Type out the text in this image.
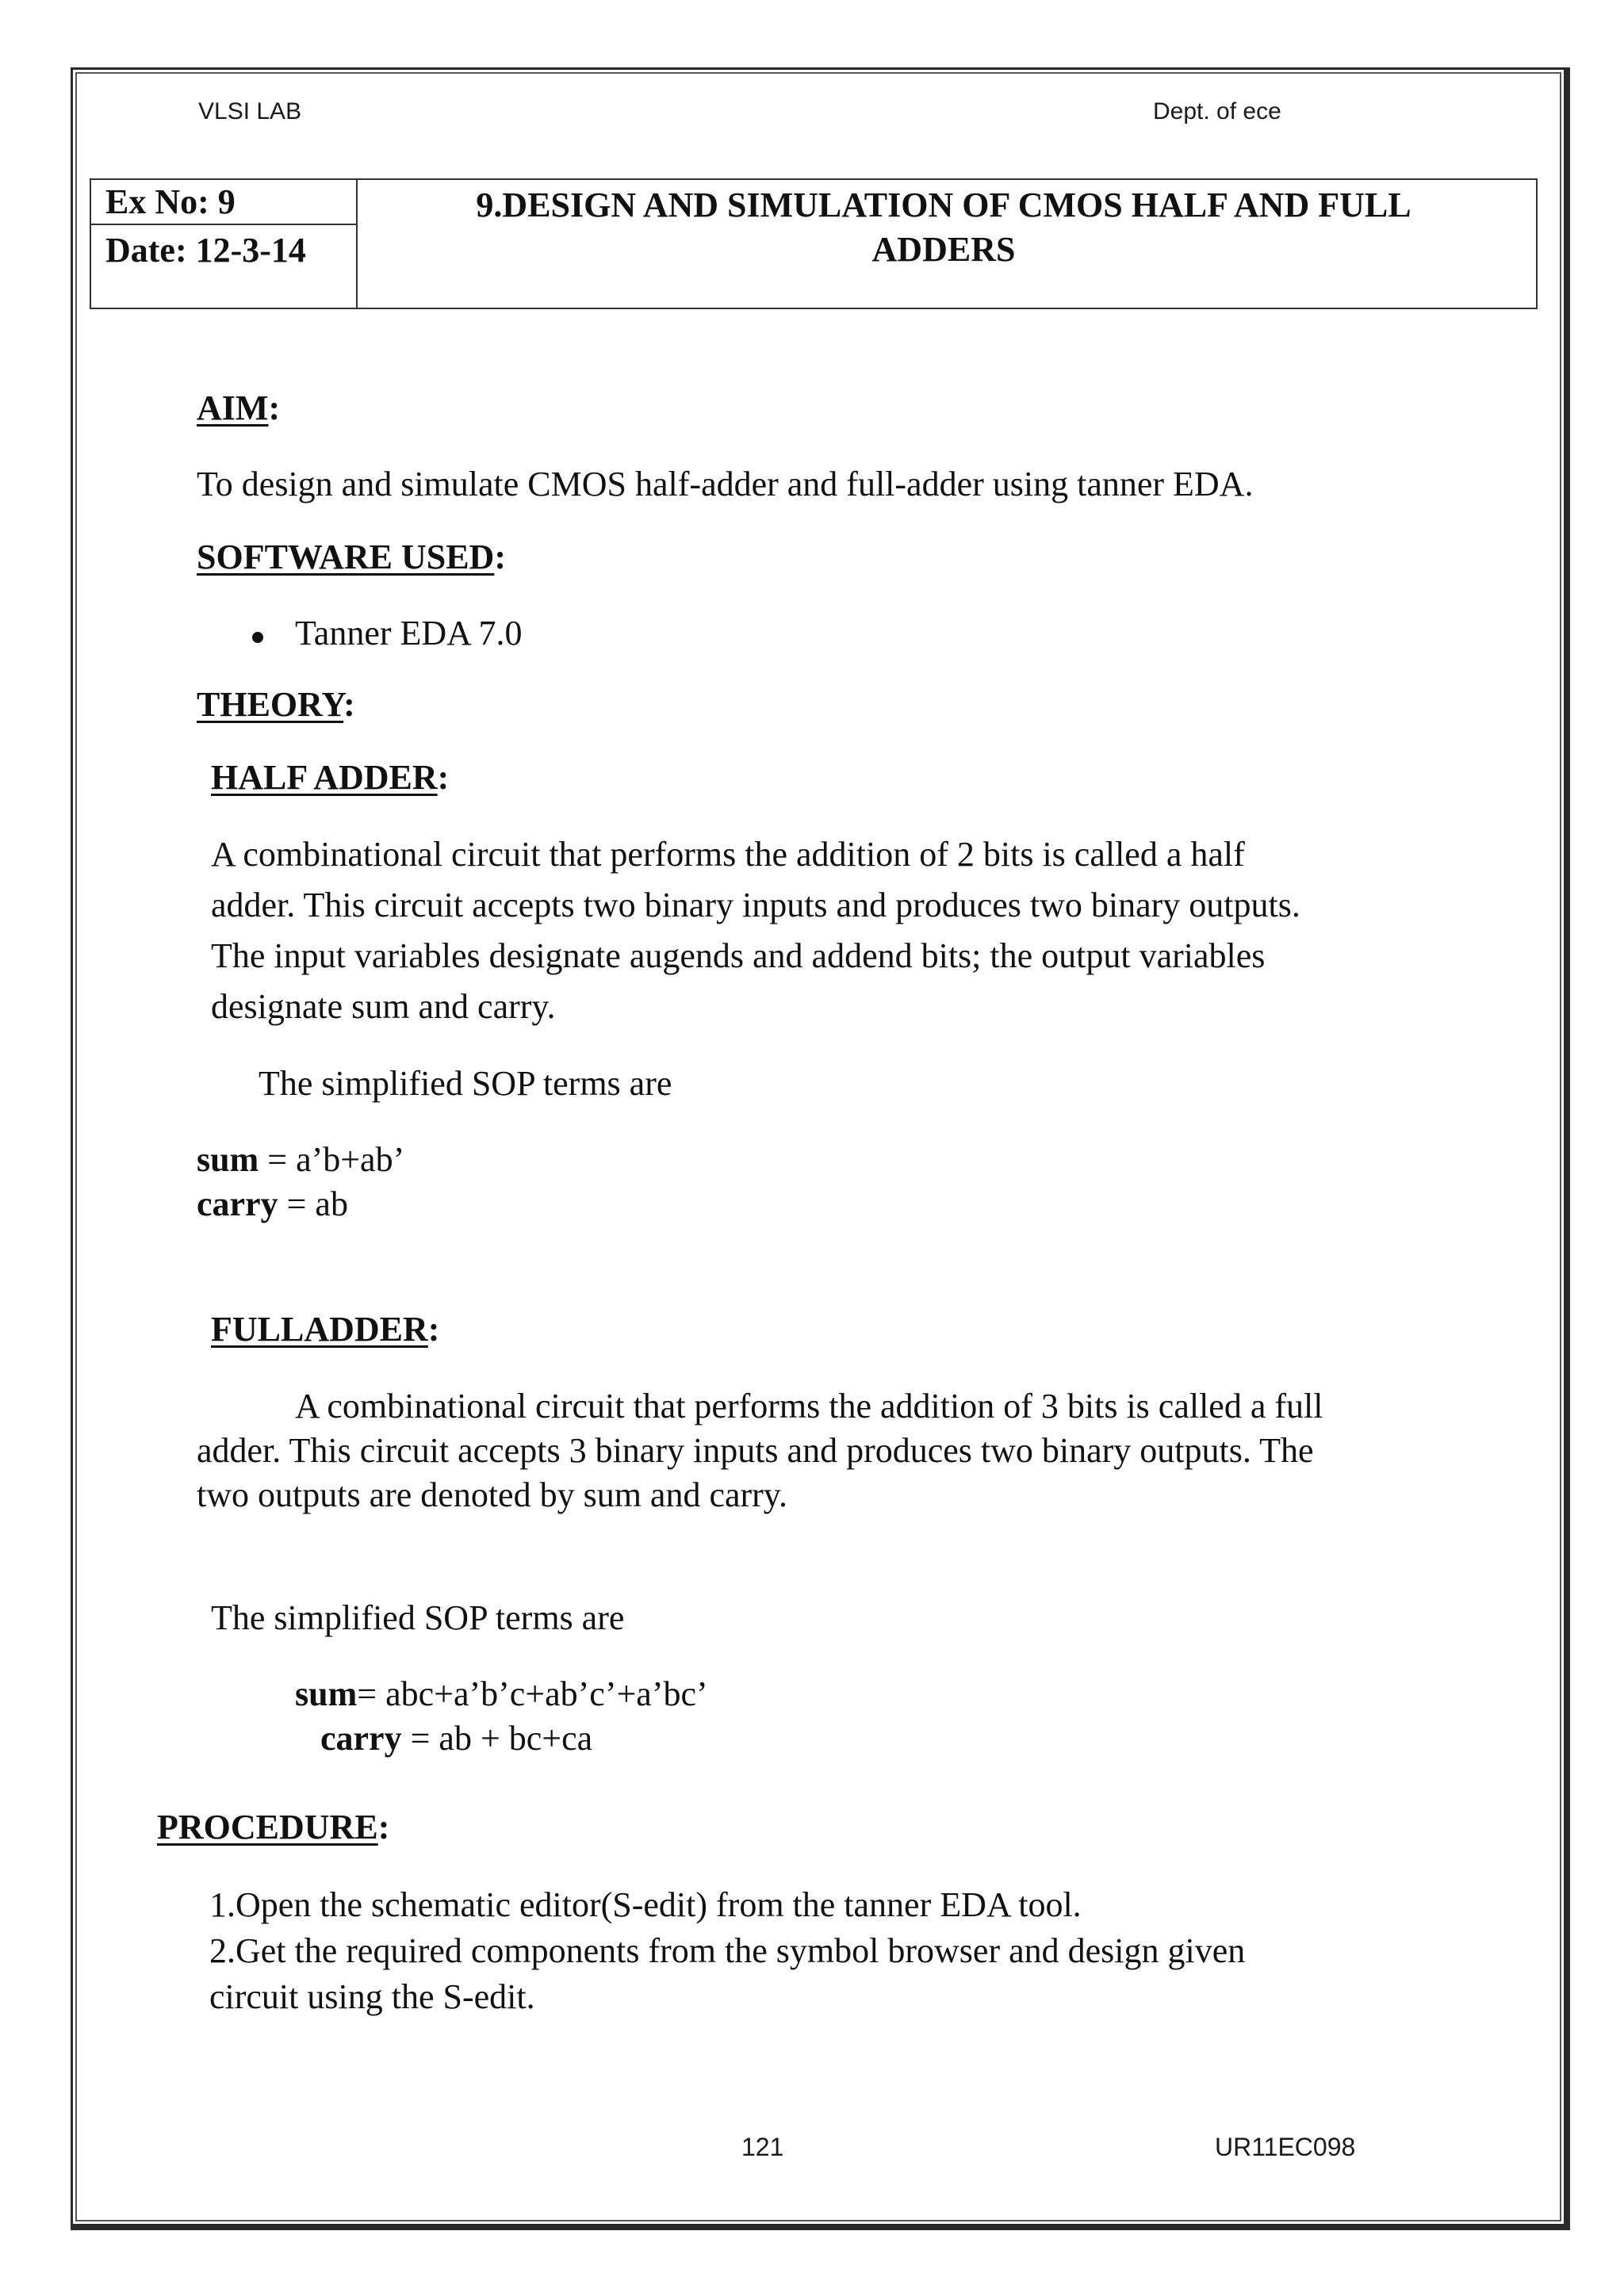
VLSI LAB	Dept. of ece
Ex No: 9
Date: 12-3-14
9.DESIGN AND SIMULATION OF CMOS HALF AND FULL
ADDERS
AIM:
To design and simulate CMOS half-adder and full-adder using tanner EDA.
SOFTWARE USED:
Tanner EDA 7.0
THEORY:
HALF ADDER:
A combinational circuit that performs the addition of 2 bits is called a half
adder. This circuit accepts two binary inputs and produces two binary outputs.
The input variables designate augends and addend bits; the output variables
designate sum and carry.
The simplified SOP terms are
sum = a’b+ab’
carry = ab
FULLADDER:
A combinational circuit that performs the addition of 3 bits is called a full
adder. This circuit accepts 3 binary inputs and produces two binary outputs. The
two outputs are denoted by sum and carry.
The simplified SOP terms are
sum= abc+a’b’c+ab’c’+a’bc’
carry = ab + bc+ca
PROCEDURE:
1.Open the schematic editor(S-edit) from the tanner EDA tool.
2.Get the required components from the symbol browser and design given
circuit using the S-edit.
121	UR11EC098
